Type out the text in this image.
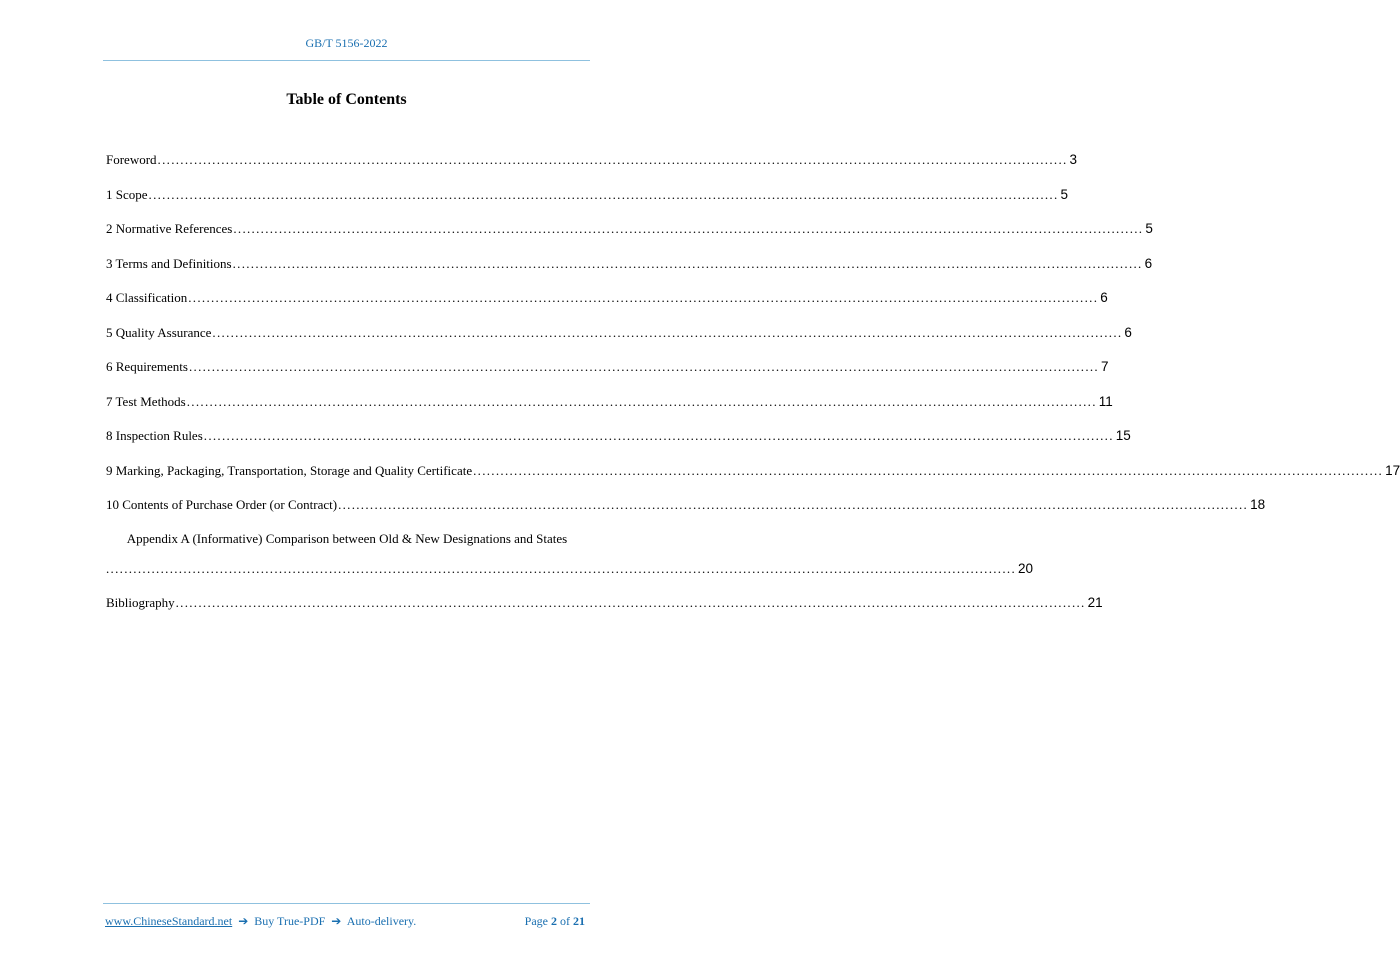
GB/T 5156-2022
Table of Contents
Foreword ........................................................................................................................................................................................................ 3
1 Scope ........................................................................................................................................................................................................ 5
2 Normative References ........................................................................................................................................................................................................ 5
3 Terms and Definitions ........................................................................................................................................................................................................ 6
4 Classification ........................................................................................................................................................................................................ 6
5 Quality Assurance ........................................................................................................................................................................................................ 6
6 Requirements ........................................................................................................................................................................................................ 7
7 Test Methods ........................................................................................................................................................................................................ 11
8 Inspection Rules ........................................................................................................................................................................................................ 15
9 Marking, Packaging, Transportation, Storage and Quality Certificate ........................................................................................................................................................................................................ 17
10 Contents of Purchase Order (or Contract) ........................................................................................................................................................................................................ 18
Appendix A (Informative) Comparison between Old & New Designations and States
........................................................................................................................................................................................................ 20
Bibliography ........................................................................................................................................................................................................ 21
www.ChineseStandard.net ➔ Buy True-PDF ➔ Auto-delivery.	Page 2 of 21
